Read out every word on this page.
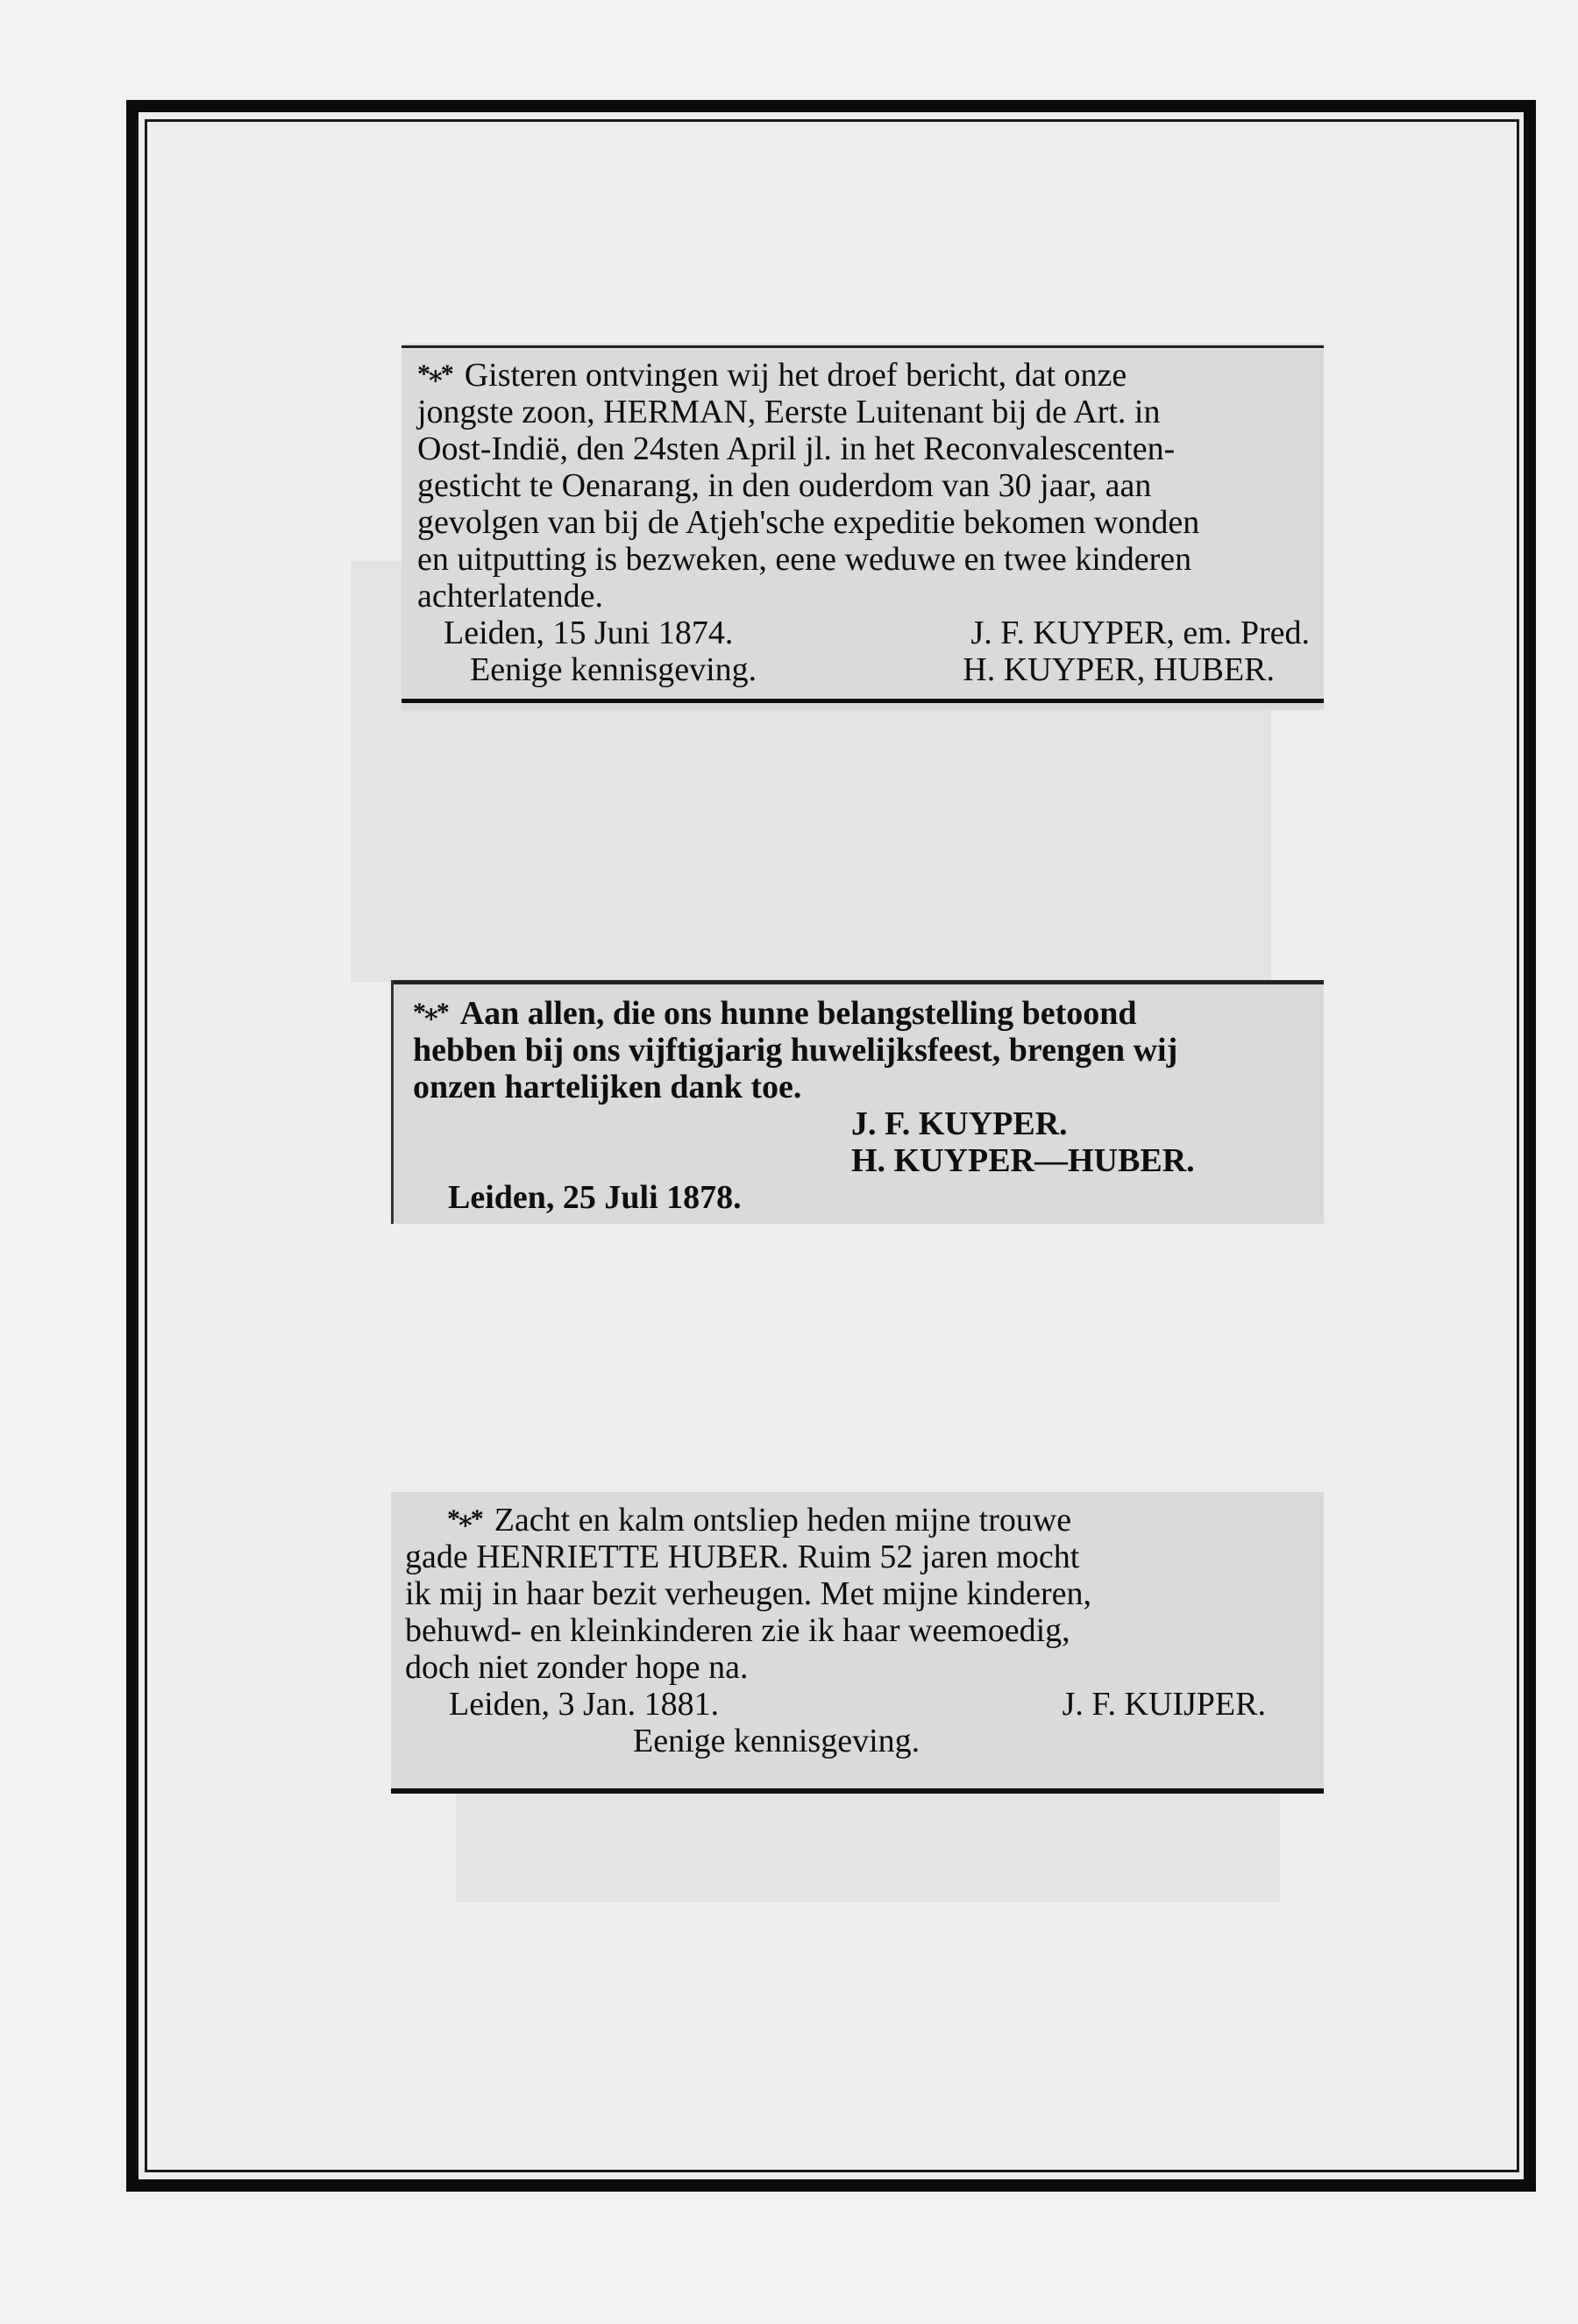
*⁎* Gisteren ontvingen wij het droef bericht, dat onze
jongste zoon, HERMAN, Eerste Luitenant bij de Art. in
Oost-Indië, den 24sten April jl. in het Reconvalescenten-
gesticht te Oenarang, in den ouderdom van 30 jaar, aan
gevolgen van bij de Atjeh'sche expeditie bekomen wonden
en uitputting is bezweken, eene weduwe en twee kinderen
achterlatende.
Leiden, 15 Juni 1874.	J. F. KUYPER, em. Pred.
Eenige kennisgeving.	H. KUYPER, HUBER.
*⁎* Aan allen, die ons hunne belangstelling betoond
hebben bij ons vijftigjarig huwelijksfeest, brengen wij
onzen hartelijken dank toe.
J. F. KUYPER.
H. KUYPER—HUBER.
Leiden, 25 Juli 1878.
*⁎* Zacht en kalm ontsliep heden mijne trouwe
gade HENRIETTE HUBER. Ruim 52 jaren mocht
ik mij in haar bezit verheugen. Met mijne kinderen,
behuwd- en kleinkinderen zie ik haar weemoedig,
doch niet zonder hope na.
Leiden, 3 Jan. 1881.	J. F. KUIJPER.
Eenige kennisgeving.
